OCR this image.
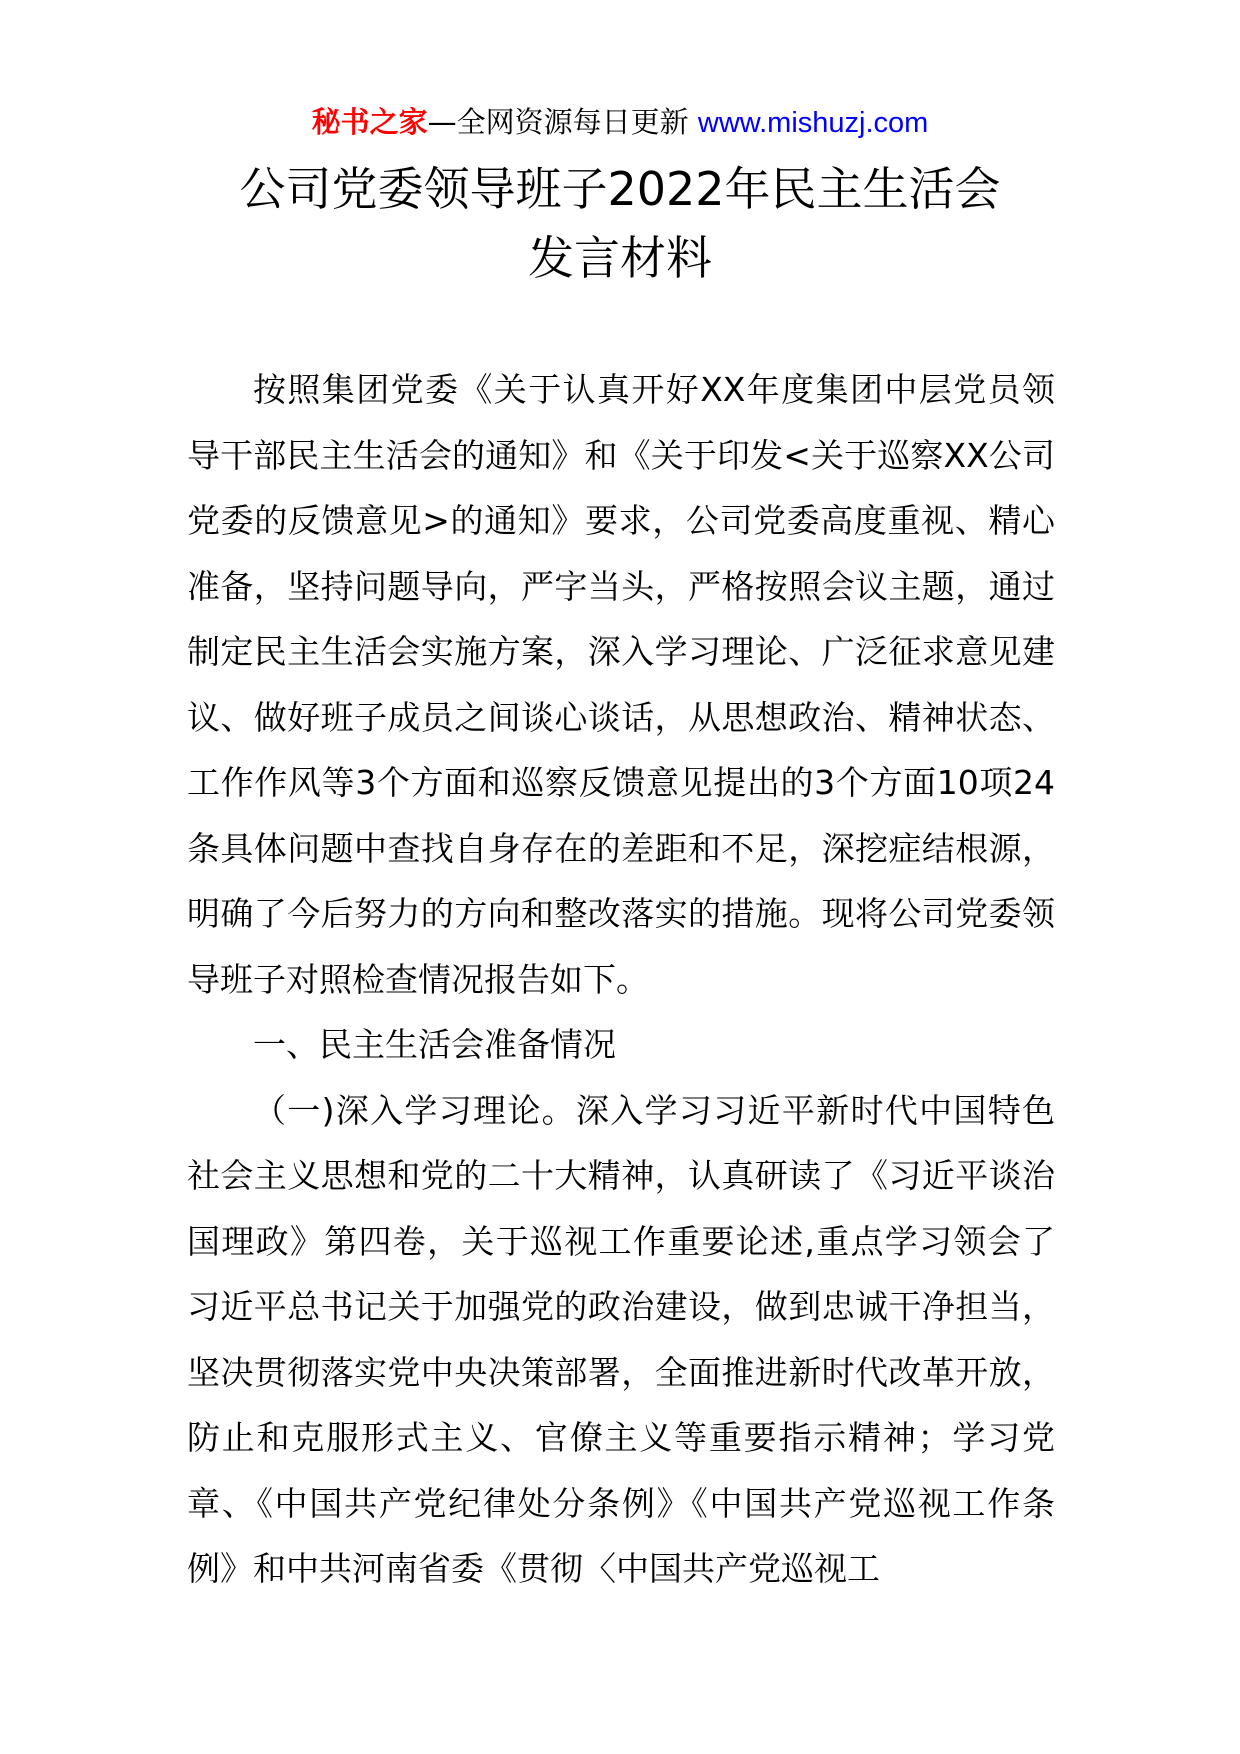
秘书之家—全网资源每日更新 www.mishuzj.com
公司党委领导班子2022年民主生活会
发言材料

按照集团党委《关于认真开好XX年度集团中层党员领导干部民主生活会的通知》和《关于印发<关于巡察XX公司党委的反馈意见>的通知》要求，公司党委高度重视、精心准备，坚持问题导向，严字当头，严格按照会议主题，通过制定民主生活会实施方案，深入学习理论、广泛征求意见建议、做好班子成员之间谈心谈话，从思想政治、精神状态、工作作风等3个方面和巡察反馈意见提出的3个方面10项24条具体问题中查找自身存在的差距和不足，深挖症结根源，明确了今后努力的方向和整改落实的措施。现将公司党委领导班子对照检查情况报告如下。

一、民主生活会准备情况

（一)深入学习理论。深入学习习近平新时代中国特色社会主义思想和党的二十大精神，认真研读了《习近平谈治国理政》第四卷，关于巡视工作重要论述,重点学习领会了习近平总书记关于加强党的政治建设，做到忠诚干净担当，坚决贯彻落实党中央决策部署，全面推进新时代改革开放，防止和克服形式主义、官僚主义等重要指示精神；学习党章、《中国共产党纪律处分条例》《中国共产党巡视工作条例》和中共河南省委《贯彻〈中国共产党巡视工
